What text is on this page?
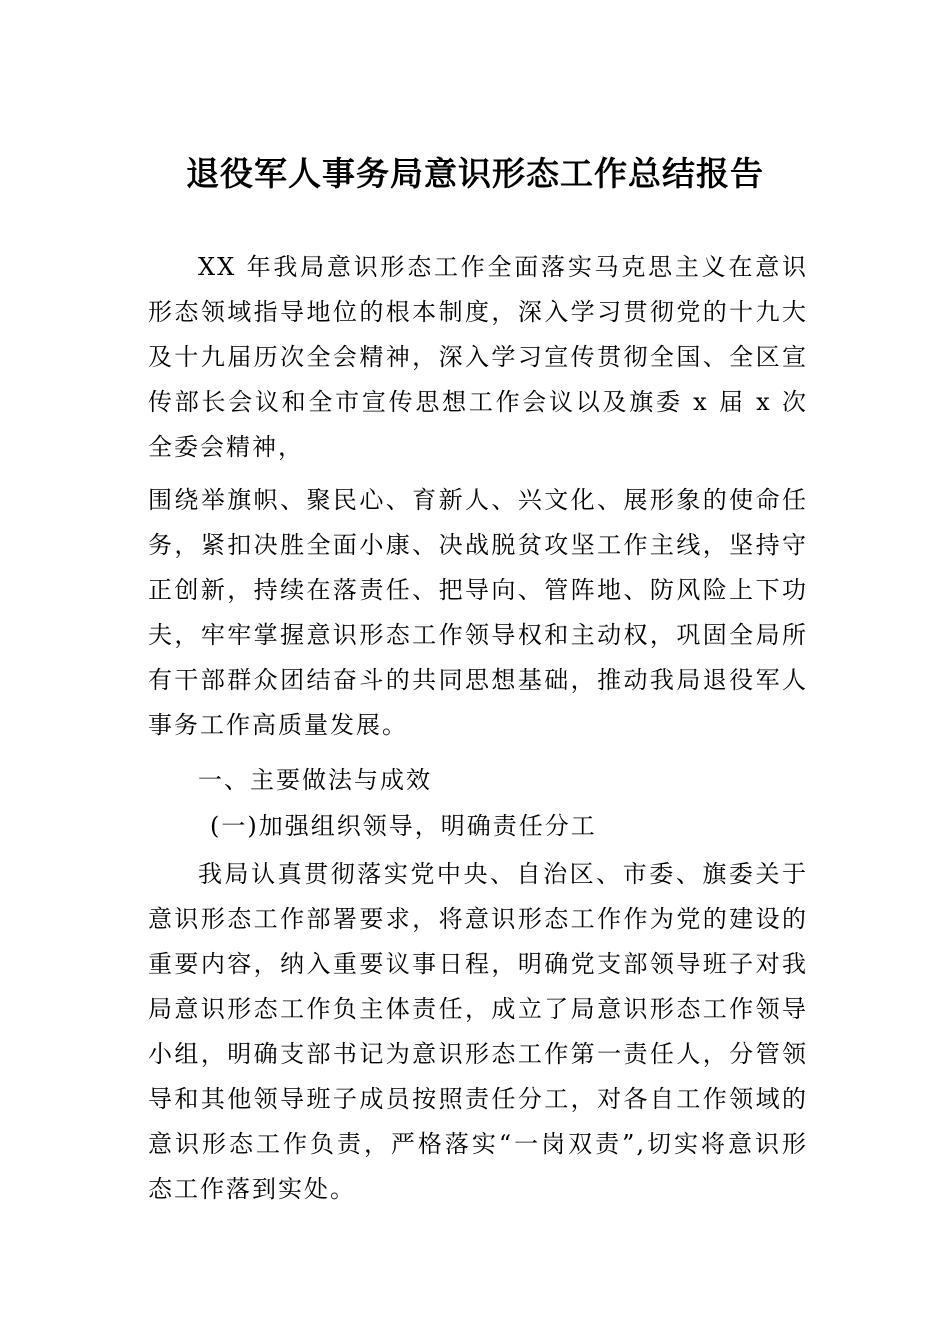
退役军人事务局意识形态工作总结报告

XX 年我局意识形态工作全面落实马克思主义在意识形态领域指导地位的根本制度，深入学习贯彻党的十九大及十九届历次全会精神，深入学习宣传贯彻全国、全区宣传部长会议和全市宣传思想工作会议以及旗委 x 届 x 次全委会精神，

围绕举旗帜、聚民心、育新人、兴文化、展形象的使命任务，紧扣决胜全面小康、决战脱贫攻坚工作主线，坚持守正创新，持续在落责任、把导向、管阵地、防风险上下功夫，牢牢掌握意识形态工作领导权和主动权，巩固全局所有干部群众团结奋斗的共同思想基础，推动我局退役军人事务工作高质量发展。

一、主要做法与成效

(一)加强组织领导，明确责任分工

我局认真贯彻落实党中央、自治区、市委、旗委关于意识形态工作部署要求，将意识形态工作作为党的建设的重要内容，纳入重要议事日程，明确党支部领导班子对我局意识形态工作负主体责任，成立了局意识形态工作领导小组，明确支部书记为意识形态工作第一责任人，分管领导和其他领导班子成员按照责任分工，对各自工作领域的意识形态工作负责，严格落实“一岗双责”,切实将意识形态工作落到实处。
